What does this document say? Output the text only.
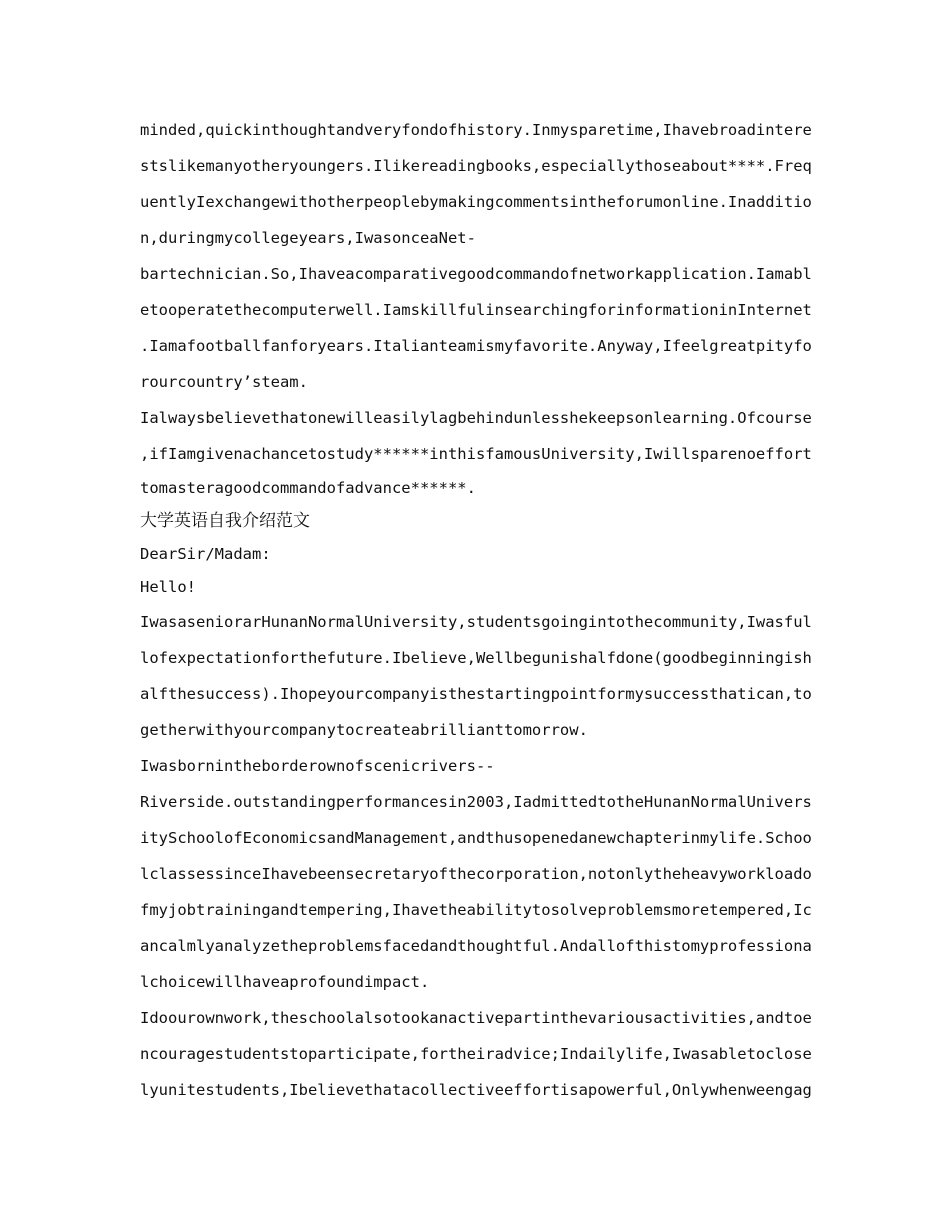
minded,quickinthoughtandveryfondofhistory.Inmysparetime,Ihavebroadintere
stslikemanyotheryoungers.Ilikereadingbooks,especiallythoseabout****.Freq
uentlyIexchangewithotherpeoplebymakingcommentsintheforumonline.Inadditio
n,duringmycollegeyears,IwasonceaNet-
bartechnician.So,Ihaveacomparativegoodcommandofnetworkapplication.Iamabl
etooperatethecomputerwell.IamskillfulinsearchingforinformationinInternet
.Iamafootballfanforyears.Italianteamismyfavorite.Anyway,Ifeelgreatpityfo
rourcountry’steam.
Ialwaysbelievethatonewilleasilylagbehindunlesshekeepsonlearning.Ofcourse
,ifIamgivenachancetostudy******inthisfamousUniversity,Iwillsparenoeffort
tomasteragoodcommandofadvance******.
大学英语自我介绍范文
DearSir/Madam:
Hello!
IwasaseniorarHunanNormalUniversity,studentsgoingintothecommunity,Iwasful
lofexpectationforthefuture.Ibelieve,Wellbegunishalfdone(goodbeginningish
alfthesuccess).Ihopeyourcompanyisthestartingpointformysuccessthatican,to
getherwithyourcompanytocreateabrillianttomorrow.
Iwasbornintheborderownofscenicrivers--
Riverside.outstandingperformancesin2003,IadmittedtotheHunanNormalUnivers
itySchoolofEconomicsandManagement,andthusopenedanewchapterinmylife.Schoo
lclassessinceIhavebeensecretaryofthecorporation,notonlytheheavyworkloado
fmyjobtrainingandtempering,Ihavetheabilitytosolveproblemsmoretempered,Ic
ancalmlyanalyzetheproblemsfacedandthoughtful.Andallofthistomyprofessiona
lchoicewillhaveaprofoundimpact.
Idoourownwork,theschoolalsotookanactivepartinthevariousactivities,andtoe
ncouragestudentstoparticipate,fortheiradvice;Indailylife,Iwasabletoclose
lyunitestudents,Ibelievethatacollectiveeffortisapowerful,Onlywhenweengag
